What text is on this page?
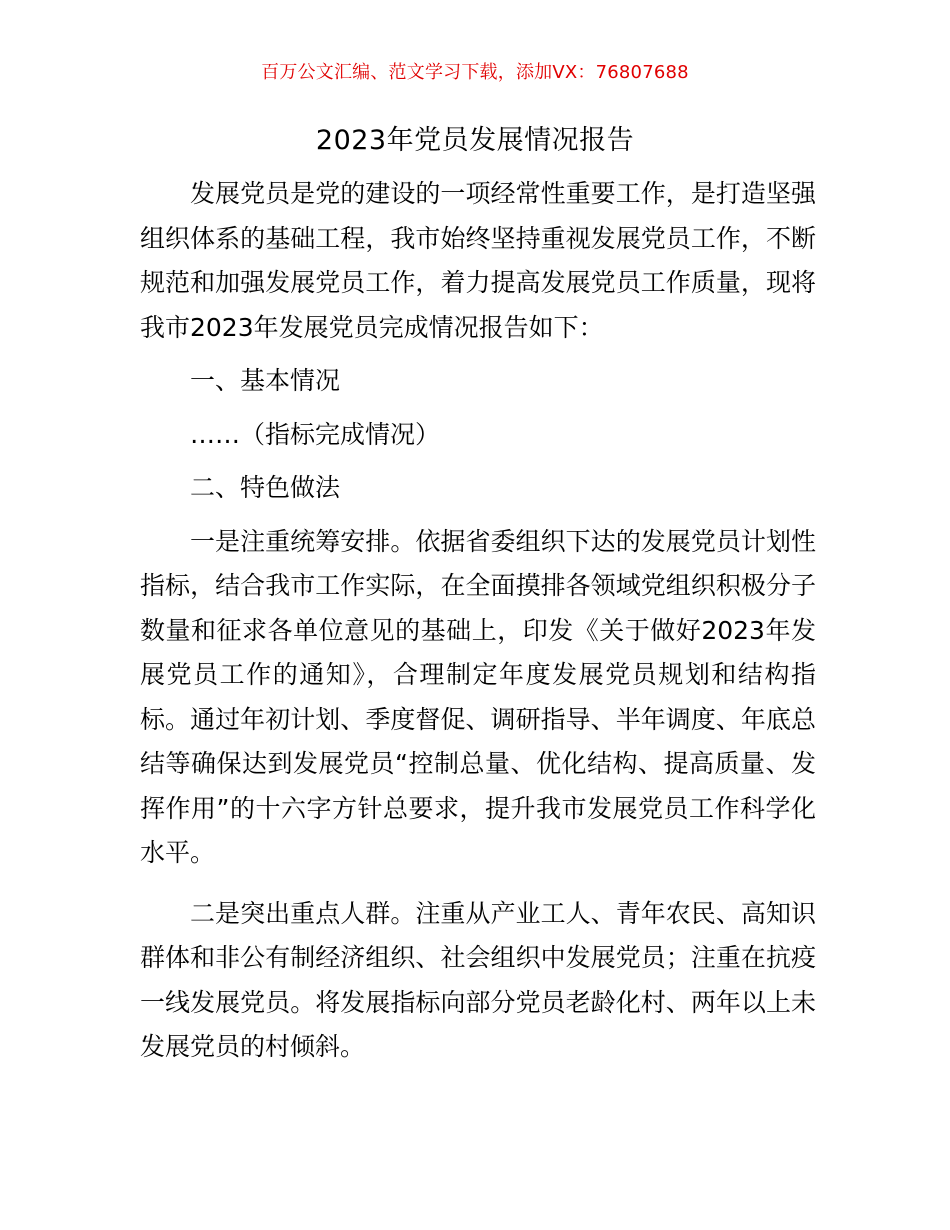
百万公文汇编、范文学习下载，添加VX：76807688
2023年党员发展情况报告

发展党员是党的建设的一项经常性重要工作，是打造坚强组织体系的基础工程，我市始终坚持重视发展党员工作，不断规范和加强发展党员工作，着力提高发展党员工作质量，现将我市2023年发展党员完成情况报告如下：

一、基本情况

……（指标完成情况）

二、特色做法

一是注重统筹安排。依据省委组织下达的发展党员计划性指标，结合我市工作实际，在全面摸排各领域党组织积极分子数量和征求各单位意见的基础上，印发《关于做好2023年发展党员工作的通知》，合理制定年度发展党员规划和结构指标。通过年初计划、季度督促、调研指导、半年调度、年底总结等确保达到发展党员“控制总量、优化结构、提高质量、发挥作用”的十六字方针总要求，提升我市发展党员工作科学化水平。

二是突出重点人群。注重从产业工人、青年农民、高知识群体和非公有制经济组织、社会组织中发展党员；注重在抗疫一线发展党员。将发展指标向部分党员老龄化村、两年以上未发展党员的村倾斜。
